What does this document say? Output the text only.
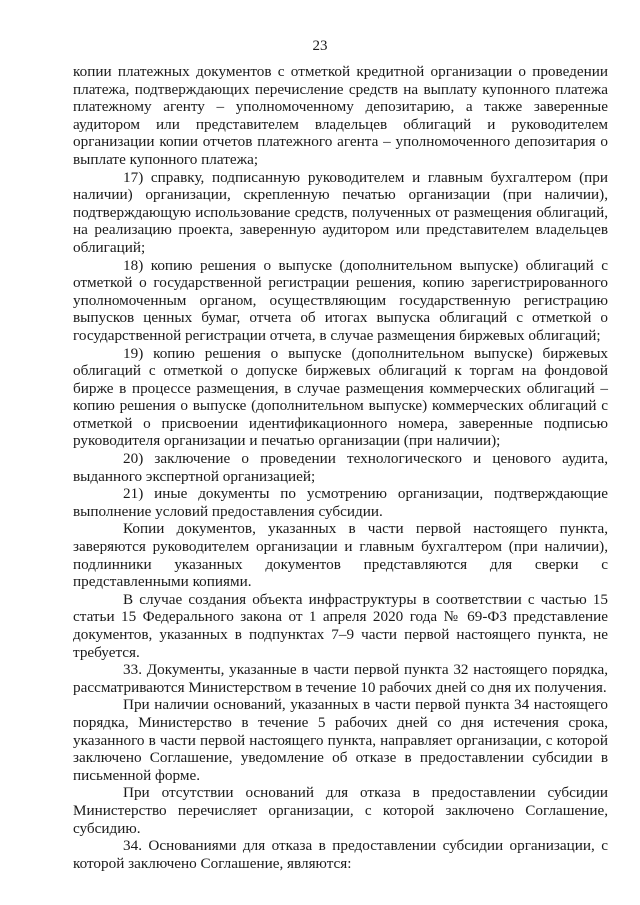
23

копии платежных документов с отметкой кредитной организации о проведении платежа, подтверждающих перечисление средств на выплату купонного платежа платежному агенту – уполномоченному депозитарию, а также заверенные аудитором или представителем владельцев облигаций и руководителем организации копии отчетов платежного агента – уполномоченного депозитария о выплате купонного платежа;

17) справку, подписанную руководителем и главным бухгалтером (при наличии) организации, скрепленную печатью организации (при наличии), подтверждающую использование средств, полученных от размещения облигаций, на реализацию проекта, заверенную аудитором или представителем владельцев облигаций;

18) копию решения о выпуске (дополнительном выпуске) облигаций с отметкой о государственной регистрации решения, копию зарегистрированного уполномоченным органом, осуществляющим государственную регистрацию выпусков ценных бумаг, отчета об итогах выпуска облигаций с отметкой о государственной регистрации отчета, в случае размещения биржевых облигаций;

19) копию решения о выпуске (дополнительном выпуске) биржевых облигаций с отметкой о допуске биржевых облигаций к торгам на фондовой бирже в процессе размещения, в случае размещения коммерческих облигаций – копию решения о выпуске (дополнительном выпуске) коммерческих облигаций с отметкой о присвоении идентификационного номера, заверенные подписью руководителя организации и печатью организации (при наличии);

20) заключение о проведении технологического и ценового аудита, выданного экспертной организацией;

21) иные документы по усмотрению организации, подтверждающие выполнение условий предоставления субсидии.

Копии документов, указанных в части первой настоящего пункта, заверяются руководителем организации и главным бухгалтером (при наличии), подлинники указанных документов представляются для сверки с представленными копиями.

В случае создания объекта инфраструктуры в соответствии с частью 15 статьи 15 Федерального закона от 1 апреля 2020 года № 69-ФЗ представление документов, указанных в подпунктах 7–9 части первой настоящего пункта, не требуется.

33. Документы, указанные в части первой пункта 32 настоящего порядка, рассматриваются Министерством в течение 10 рабочих дней со дня их получения.

При наличии оснований, указанных в части первой пункта 34 настоящего порядка, Министерство в течение 5 рабочих дней со дня истечения срока, указанного в части первой настоящего пункта, направляет организации, с которой заключено Соглашение, уведомление об отказе в предоставлении субсидии в письменной форме.

При отсутствии оснований для отказа в предоставлении субсидии Министерство перечисляет организации, с которой заключено Соглашение, субсидию.

34. Основаниями для отказа в предоставлении субсидии организации, с которой заключено Соглашение, являются:
